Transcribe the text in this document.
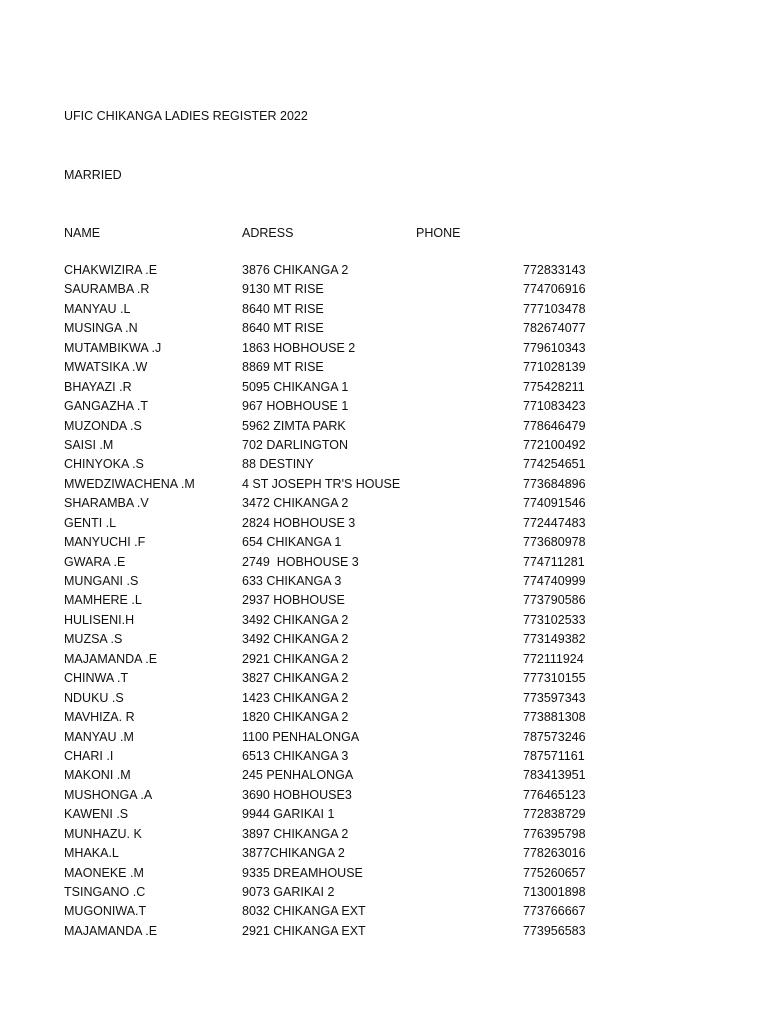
UFIC CHIKANGA LADIES REGISTER 2022
MARRIED
NAME	ADRESS	PHONE
CHAKWIZIRA .E	3876 CHIKANGA 2	772833143
SAURAMBA .R	9130 MT RISE	774706916
MANYAU .L	8640 MT RISE	777103478
MUSINGA .N	8640 MT RISE	782674077
MUTAMBIKWA .J	1863 HOBHOUSE 2	779610343
MWATSIKA .W	8869 MT RISE	771028139
BHAYAZI .R	5095 CHIKANGA 1	775428211
GANGAZHA .T	967 HOBHOUSE 1	771083423
MUZONDA .S	5962 ZIMTA PARK	778646479
SAISI .M	702 DARLINGTON	772100492
CHINYOKA .S	88 DESTINY	774254651
MWEDZIWACHENA .M	4 ST JOSEPH TR'S HOUSE	773684896
SHARAMBA .V	3472 CHIKANGA 2	774091546
GENTI .L	2824 HOBHOUSE 3	772447483
MANYUCHI .F	654 CHIKANGA 1	773680978
GWARA .E	2749  HOBHOUSE 3	774711281
MUNGANI .S	633 CHIKANGA 3	774740999
MAMHERE .L	2937 HOBHOUSE	773790586
HULISENI.H	3492 CHIKANGA 2	773102533
MUZSA .S	3492 CHIKANGA 2	773149382
MAJAMANDA .E	2921 CHIKANGA 2	772111924
CHINWA .T	3827 CHIKANGA 2	777310155
NDUKU .S	1423 CHIKANGA 2	773597343
MAVHIZA. R	1820 CHIKANGA 2	773881308
MANYAU .M	1100 PENHALONGA	787573246
CHARI .I	6513 CHIKANGA 3	787571161
MAKONI .M	245 PENHALONGA	783413951
MUSHONGA .A	3690 HOBHOUSE3	776465123
KAWENI .S	9944 GARIKAI 1	772838729
MUNHAZU. K	3897 CHIKANGA 2	776395798
MHAKA.L	3877CHIKANGA 2	778263016
MAONEKE .M	9335 DREAMHOUSE	775260657
TSINGANO .C	9073 GARIKAI 2	713001898
MUGONIWA.T	8032 CHIKANGA EXT	773766667
MAJAMANDA .E	2921 CHIKANGA EXT	773956583
